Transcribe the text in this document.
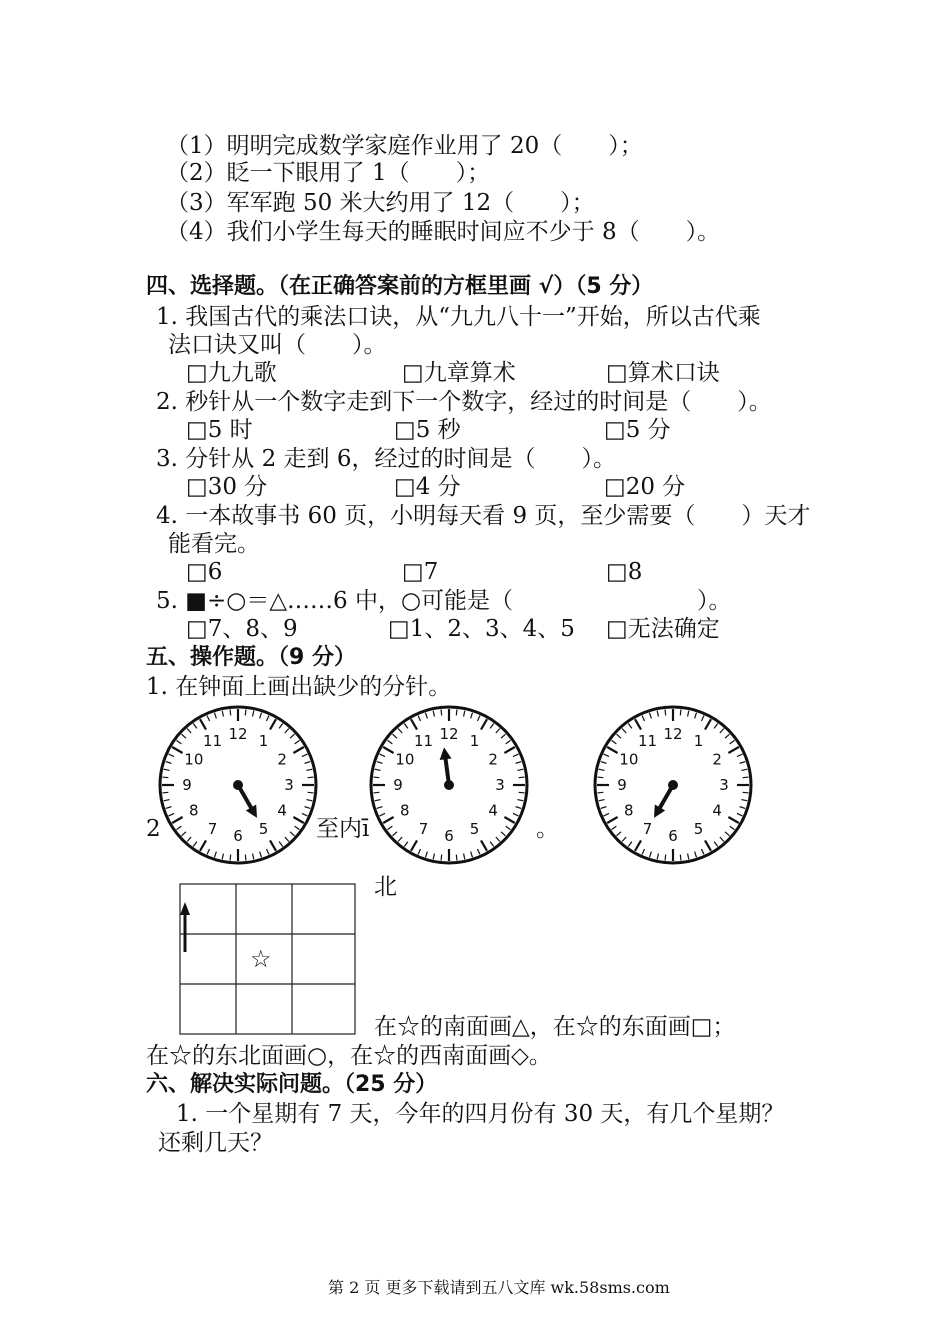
（1）明明完成数学家庭作业用了 20（　　）；
（2）眨一下眼用了 1（　　）；
（3）军军跑 50 米大约用了 12（　　）；
（4）我们小学生每天的睡眠时间应不少于 8（　　）。
四、选择题。（在正确答案前的方框里画 √）（5 分）
1. 我国古代的乘法口诀，从“九九八十一”开始，所以古代乘
法口诀又叫（　　）。
□九九歌	□九章算术	□算术口诀
2. 秒针从一个数字走到下一个数字，经过的时间是（　　）。
□5 时	□5 秒	□5 分
3. 分针从 2 走到 6，经过的时间是（　　）。
□30 分	□4 分	□20 分
4. 一本故事书 60 页，小明每天看 9 页，至少需要（　　）天才
能看完。
□6	□7	□8
5. ■÷○＝△……6 中，○可能是（　　　　　　　　）。
□7、8、9	□1、2、3、4、5 □无法确定
五、操作题。（9 分）
1. 在钟面上画出缺少的分针。
2	至内ī	。
12 1
2
3
4
5
6
7
8
9
10
11	12 1
2
3
4
5
6
7
8
9
10
11	12 1
2
3
4
5
6
7
8
9
10
11
☆
北
在☆的南面画△，在☆的东面画□；
在☆的东北面画○，在☆的西南面画◇。
六、解决实际问题。（25 分）
1. 一个星期有 7 天，今年的四月份有 30 天，有几个星期？
还剩几天？
第 2 页 更多下载请到五八文库 wk.58sms.com
